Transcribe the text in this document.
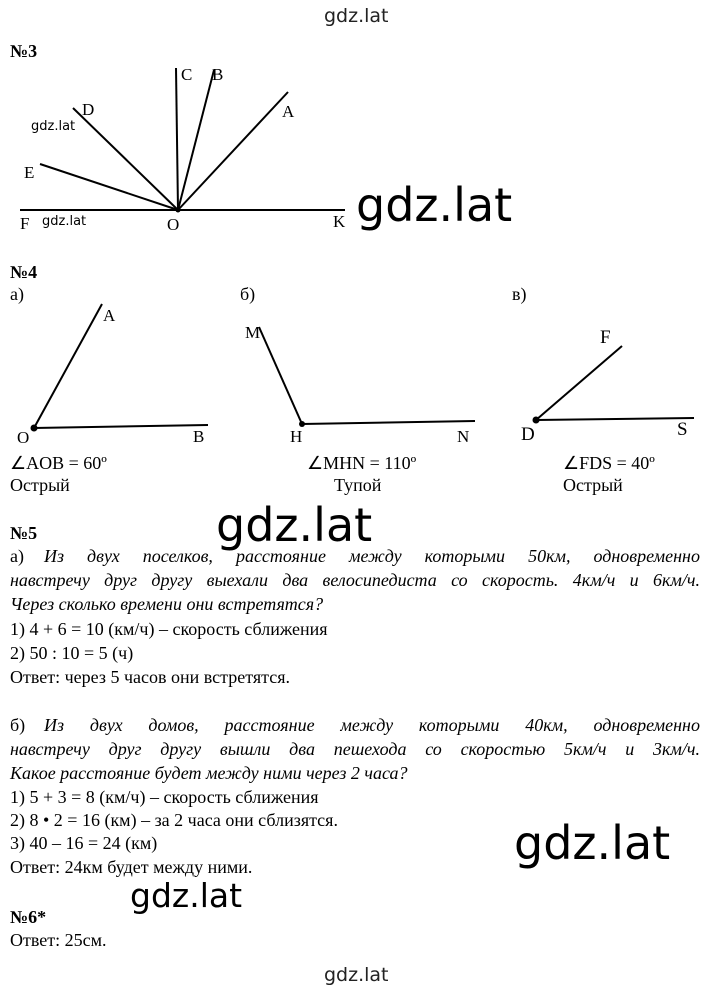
gdz.lat
№3
C B
A
D
E
F	O	K
gdz.lat
gdz.lat	gdz.lat
№4
а)	б)	в)
A
O	B
M
H	N
F
D	S
∠AOB = 60º
Острый
∠MHN = 110º
Тупой
∠FDS = 40º
Острый
№5	gdz.lat
а) Из двух поселков, расстояние между которыми 50км, одновременно
навстречу друг другу выехали два велосипедиста со скорость. 4км/ч и 6км/ч.
Через сколько времени они встретятся?
1) 4 + 6 = 10 (км/ч) – скорость сближения
2) 50 : 10 = 5 (ч)
Ответ: через 5 часов они встретятся.
б) Из двух домов, расстояние между которыми 40км, одновременно
навстречу друг другу вышли два пешехода со скоростью 5км/ч и 3км/ч.
Какое расстояние будет между ними через 2 часа?
1) 5 + 3 = 8 (км/ч) – скорость сближения
2) 8 • 2 = 16 (км) – за 2 часа они сблизятся.
3) 40 – 16 = 24 (км)
Ответ: 24км будет между ними.	gdz.lat
gdz.lat
№6*
Ответ: 25см.
gdz.lat
